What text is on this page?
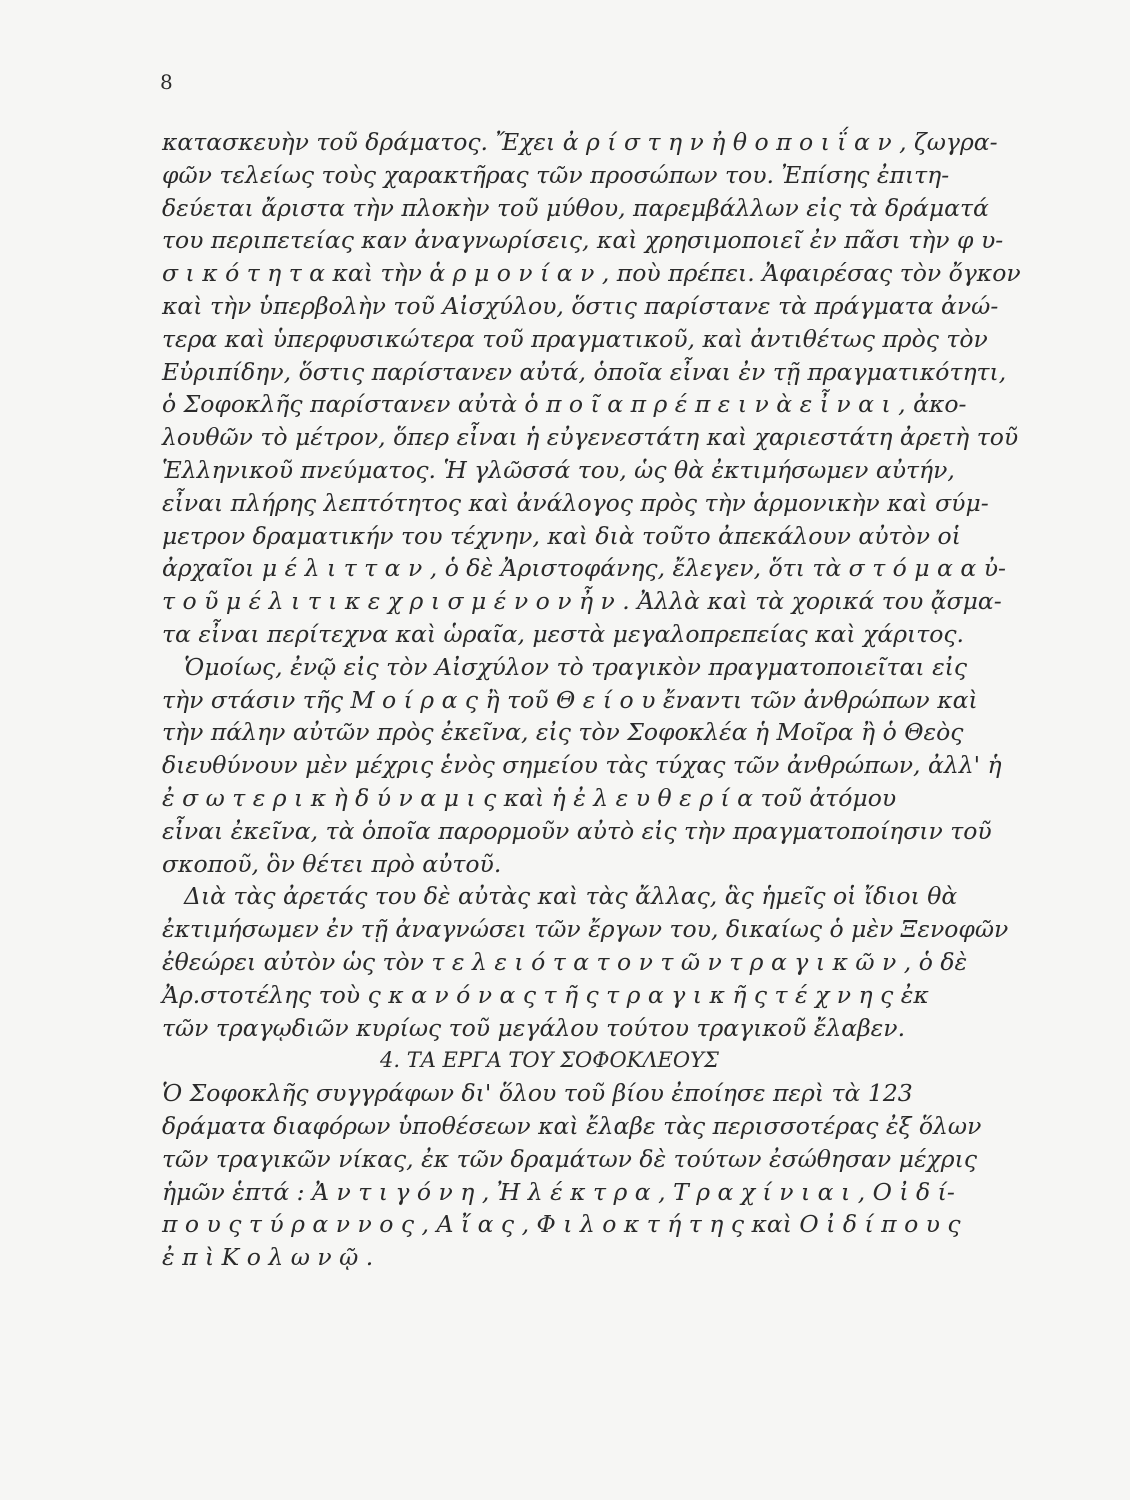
8
κατασκευὴν τοῦ δράματος. Ἔχει ἀ ρ ί σ τ η ν ἠ θ ο π ο ι ΐ α ν , ζωγρα-
φῶν τελείως τοὺς χαρακτῆρας τῶν προσώπων του. Ἐπίσης ἐπιτη-
δεύεται ἄριστα τὴν πλοκὴν τοῦ μύθου, παρεμβάλλων εἰς τὰ δράματά
του περιπετείας καν ἀναγνωρίσεις, καὶ χρησιμοποιεῖ ἐν πᾶσι τὴν φ υ-
σ ι κ ό τ η τ α καὶ τὴν ἁ ρ μ ο ν ί α ν , ποὺ πρέπει. Ἀφαιρέσας τὸν ὄγκον
καὶ τὴν ὑπερβολὴν τοῦ Αἰσχύλου, ὅστις παρίστανε τὰ πράγματα ἀνώ-
τερα καὶ ὑπερφυσικώτερα τοῦ πραγματικοῦ, καὶ ἀντιθέτως πρὸς τὸν
Εὐριπίδην, ὅστις παρίστανεν αὐτά, ὁποῖα εἶναι ἐν τῇ πραγματικότητι,
ὁ Σοφοκλῆς παρίστανεν αὐτὰ ὁ π ο ῖ α π ρ έ π ε ι ν ὰ ε ἶ ν α ι , ἀκο-
λουθῶν τὸ μέτρον, ὅπερ εἶναι ἡ εὐγενεστάτη καὶ χαριεστάτη ἀρετὴ τοῦ
Ἑλληνικοῦ πνεύματος. Ἡ γλῶσσά του, ὡς θὰ ἐκτιμήσωμεν αὐτήν,
εἶναι πλήρης λεπτότητος καὶ ἀνάλογος πρὸς τὴν ἁρμονικὴν καὶ σύμ-
μετρον δραματικήν του τέχνην, καὶ διὰ τοῦτο ἀπεκάλουν αὐτὸν οἱ
ἀρχαῖοι μ έ λ ι τ τ α ν , ὁ δὲ Ἀριστοφάνης, ἔλεγεν, ὅτι τὰ σ τ ό μ α α ὐ-
τ ο ῦ μ έ λ ι τ ι κ ε χ ρ ι σ μ έ ν ο ν ἦ ν . Ἀλλὰ καὶ τὰ χορικά του ᾄσμα-
τα εἶναι περίτεχνα καὶ ὡραῖα, μεστὰ μεγαλοπρεπείας καὶ χάριτος.
Ὁμοίως, ἐνῷ εἰς τὸν Αἰσχύλον τὸ τραγικὸν πραγματοποιεῖται εἰς
τὴν στάσιν τῆς Μ ο ί ρ α ς ἢ τοῦ Θ ε ί ο υ ἔναντι τῶν ἀνθρώπων καὶ
τὴν πάλην αὐτῶν πρὸς ἐκεῖνα, εἰς τὸν Σοφοκλέα ἡ Μοῖρα ἢ ὁ Θεὸς
διευθύνουν μὲν μέχρις ἑνὸς σημείου τὰς τύχας τῶν ἀνθρώπων, ἀλλ' ἡ
ἐ σ ω τ ε ρ ι κ ὴ δ ύ ν α μ ι ς καὶ ἡ ἐ λ ε υ θ ε ρ ί α τοῦ ἀτόμου
εἶναι ἐκεῖνα, τὰ ὁποῖα παρορμοῦν αὐτὸ εἰς τὴν πραγματοποίησιν τοῦ
σκοποῦ, ὃν θέτει πρὸ αὐτοῦ.
Διὰ τὰς ἀρετάς του δὲ αὐτὰς καὶ τὰς ἄλλας, ἃς ἡμεῖς οἱ ἴδιοι θὰ
ἐκτιμήσωμεν ἐν τῇ ἀναγνώσει τῶν ἔργων του, δικαίως ὁ μὲν Ξενοφῶν
ἐθεώρει αὐτὸν ὡς τὸν τ ε λ ε ι ό τ α τ ο ν τ ῶ ν τ ρ α γ ι κ ῶ ν , ὁ δὲ
Ἀρ.στοτέλης τοὺ ς κ α ν ό ν α ς τ ῆ ς τ ρ α γ ι κ ῆ ς τ έ χ ν η ς ἐκ
τῶν τραγῳδιῶν κυρίως τοῦ μεγάλου τούτου τραγικοῦ ἔλαβεν.
4. ΤΑ ΕΡΓΑ ΤΟΥ ΣΟΦΟΚΛΕΟΥΣ
Ὁ Σοφοκλῆς συγγράφων δι' ὅλου τοῦ βίου ἐποίησε περὶ τὰ 123
δράματα διαφόρων ὑποθέσεων καὶ ἔλαβε τὰς περισσοτέρας ἐξ ὅλων
τῶν τραγικῶν νίκας, ἐκ τῶν δραμάτων δὲ τούτων ἐσώθησαν μέχρις
ἡμῶν ἑπτά : Ἀ ν τ ι γ ό ν η , Ἠ λ έ κ τ ρ α , Τ ρ α χ ί ν ι α ι , Ο ἰ δ ί-
π ο υ ς τ ύ ρ α ν ν ο ς , Α ἴ α ς , Φ ι λ ο κ τ ή τ η ς καὶ Ο ἰ δ ί π ο υ ς
ἐ π ὶ Κ ο λ ω ν ῷ .
